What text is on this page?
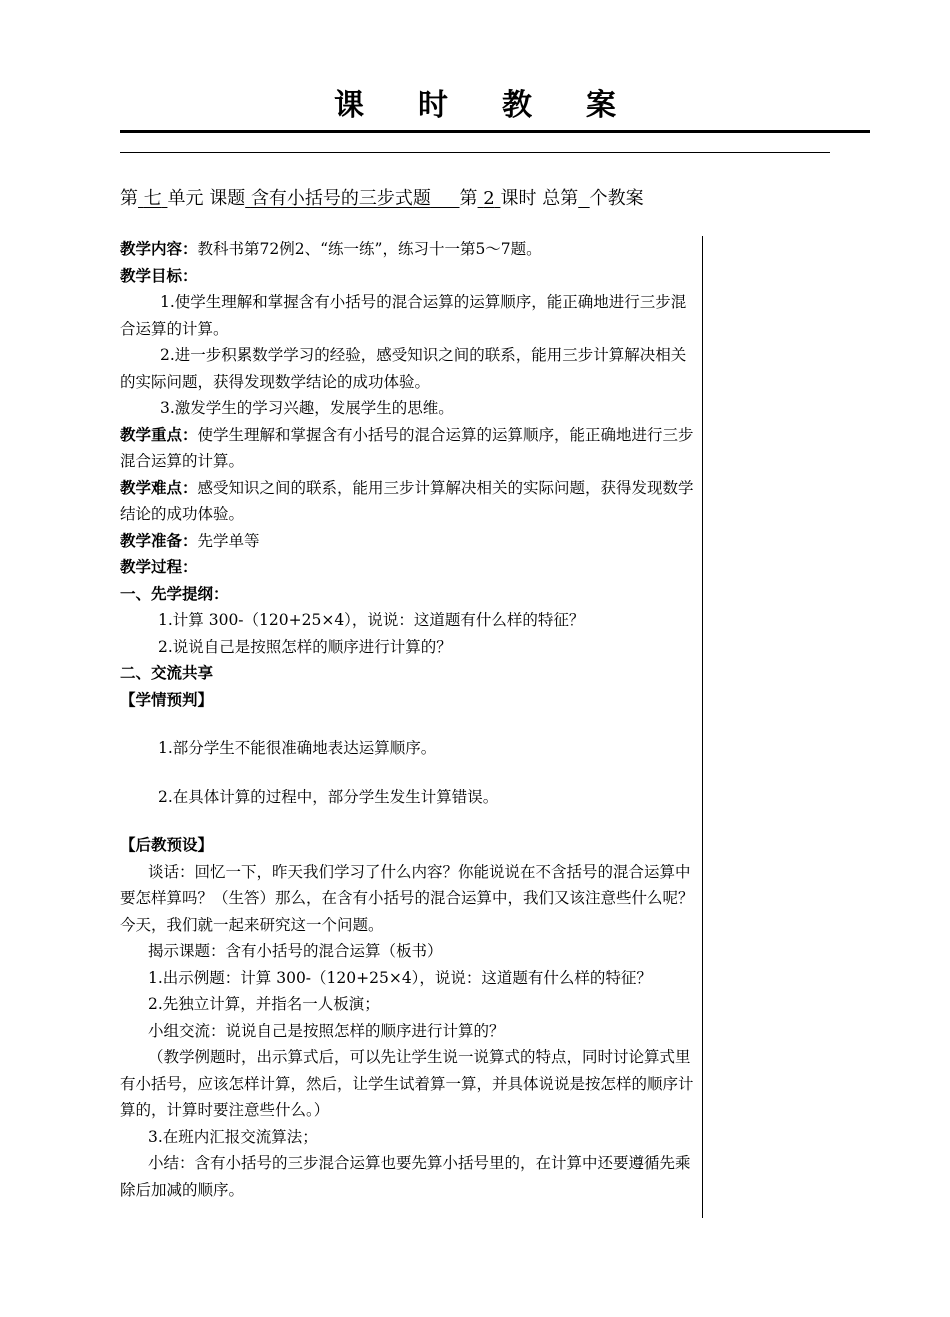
课 时 教 案
第 七 单元 课题 含有小括号的三步式题 第 2 课时 总第 个教案

教学内容：教科书第72例2、“练一练”，练习十一第5～7题。

教学目标：

1.使学生理解和掌握含有小括号的混合运算的运算顺序，能正确地进行三步混合运算的计算。

2.进一步积累数学学习的经验，感受知识之间的联系，能用三步计算解决相关的实际问题，获得发现数学结论的成功体验。

3.激发学生的学习兴趣，发展学生的思维。

教学重点：使学生理解和掌握含有小括号的混合运算的运算顺序，能正确地进行三步混合运算的计算。

教学难点：感受知识之间的联系，能用三步计算解决相关的实际问题，获得发现数学结论的成功体验。

教学准备：先学单等

教学过程：

一、先学提纲：

1.计算 300-（120+25×4），说说：这道题有什么样的特征？

2.说说自己是按照怎样的顺序进行计算的？

二、交流共享

【学情预判】

1.部分学生不能很准确地表达运算顺序。

2.在具体计算的过程中，部分学生发生计算错误。

【后教预设】

谈话：回忆一下，昨天我们学习了什么内容？你能说说在不含括号的混合运算中要怎样算吗？（生答）那么，在含有小括号的混合运算中，我们又该注意些什么呢？今天，我们就一起来研究这一个问题。

揭示课题：含有小括号的混合运算（板书）

1.出示例题：计算 300-（120+25×4），说说：这道题有什么样的特征？

2.先独立计算，并指名一人板演；

小组交流：说说自己是按照怎样的顺序进行计算的？

（教学例题时，出示算式后，可以先让学生说一说算式的特点，同时讨论算式里有小括号，应该怎样计算，然后，让学生试着算一算，并具体说说是按怎样的顺序计算的，计算时要注意些什么。）

3.在班内汇报交流算法；

小结：含有小括号的三步混合运算也要先算小括号里的，在计算中还要遵循先乘除后加减的顺序。
